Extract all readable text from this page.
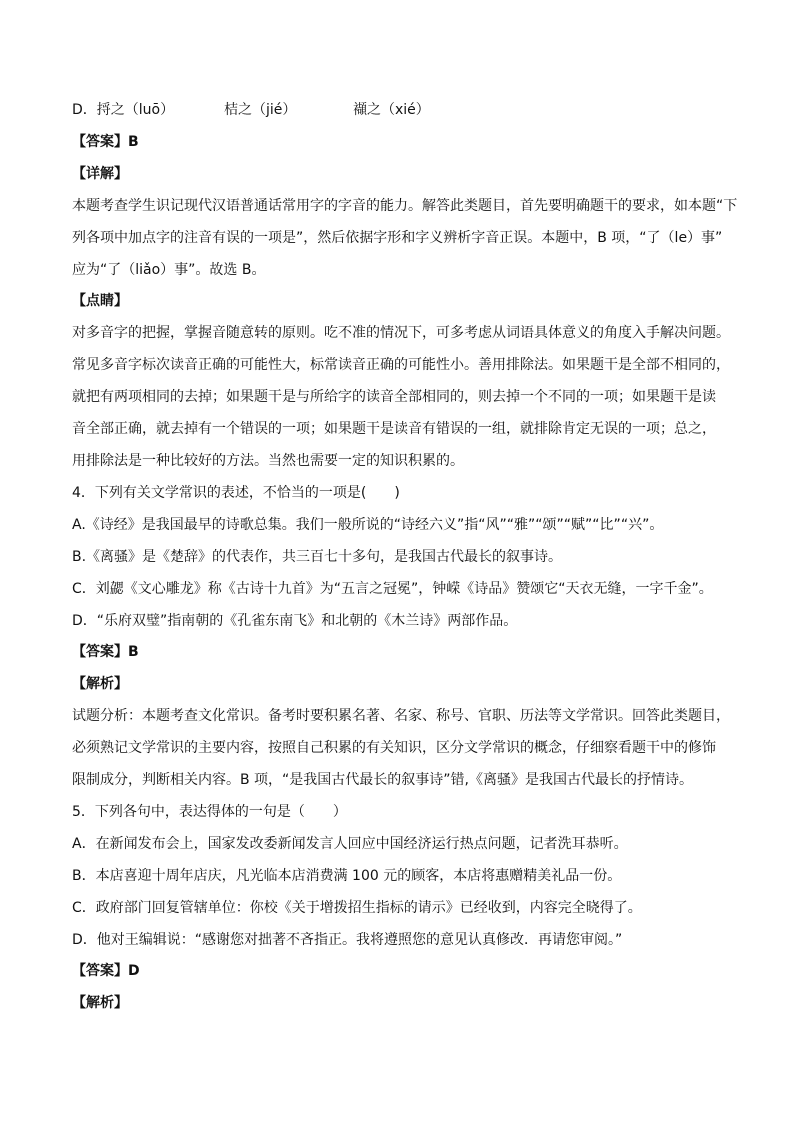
D．捋之（luō）	桔之（jié）	襭之（xié）
【答案】B
【详解】
本题考查学生识记现代汉语普通话常用字的字音的能力。解答此类题目，首先要明确题干的要求，如本题“下
列各项中加点字的注音有误的一项是”，然后依据字形和字义辨析字音正误。本题中，B 项，“了（le）事”
应为“了（liǎo）事”。故选 B。
【点睛】
对多音字的把握，掌握音随意转的原则。吃不准的情况下，可多考虑从词语具体意义的角度入手解决问题。
常见多音字标次读音正确的可能性大，标常读音正确的可能性小。善用排除法。如果题干是全部不相同的，
就把有两项相同的去掉；如果题干是与所给字的读音全部相同的，则去掉一个不同的一项；如果题干是读
音全部正确，就去掉有一个错误的一项；如果题干是读音有错误的一组，就排除肯定无误的一项；总之，
用排除法是一种比较好的方法。当然也需要一定的知识积累的。
4．下列有关文学常识的表述，不恰当的一项是(　　)
A.《诗经》是我国最早的诗歌总集。我们一般所说的“诗经六义”指“风”“雅”“颂”“赋”“比”“兴”。
B.《离骚》是《楚辞》的代表作，共三百七十多句，是我国古代最长的叙事诗。
C．刘勰《文心雕龙》称《古诗十九首》为“五言之冠冕”，钟嵘《诗品》赞颂它“天衣无缝，一字千金”。
D．“乐府双璧”指南朝的《孔雀东南飞》和北朝的《木兰诗》两部作品。
【答案】B
【解析】
试题分析：本题考查文化常识。备考时要积累名著、名家、称号、官职、历法等文学常识。回答此类题目，
必须熟记文学常识的主要内容，按照自己积累的有关知识，区分文学常识的概念，仔细察看题干中的修饰
限制成分，判断相关内容。B 项，“是我国古代最长的叙事诗”错,《离骚》是我国古代最长的抒情诗。
5．下列各句中，表达得体的一句是（　　）
A．在新闻发布会上，国家发改委新闻发言人回应中国经济运行热点问题，记者洗耳恭听。
B．本店喜迎十周年店庆，凡光临本店消费满 100 元的顾客，本店将惠赠精美礼品一份。
C．政府部门回复管辖单位：你校《关于增拨招生指标的请示》已经收到，内容完全晓得了。
D．他对王编辑说：“感谢您对拙著不吝指正。我将遵照您的意见认真修改．再请您审阅。”
【答案】D
【解析】
